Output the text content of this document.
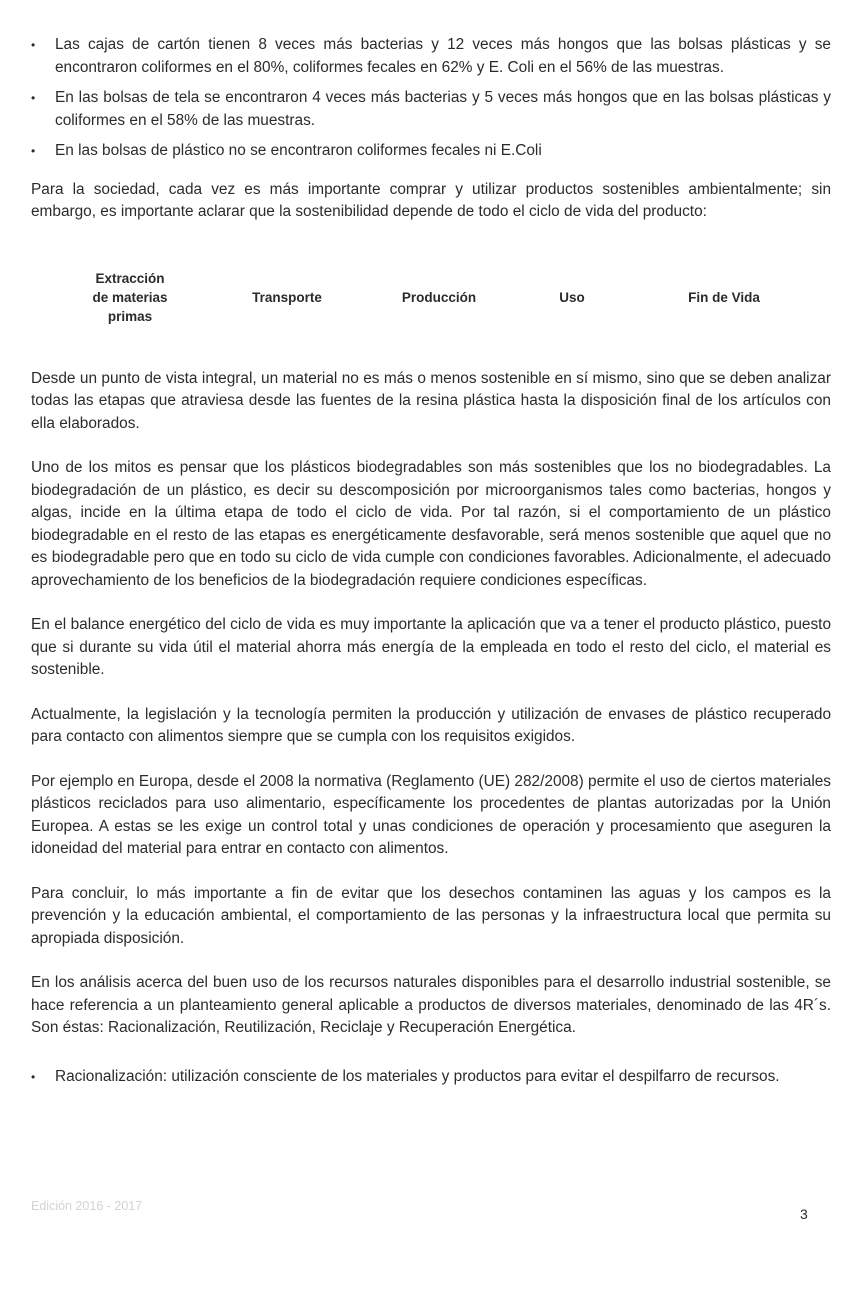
• Las cajas de cartón tienen 8 veces más bacterias y 12 veces más hongos que las bolsas plásticas y se encontraron coliformes en el 80%, coliformes fecales en 62% y E. Coli en el 56% de las muestras.
• En las bolsas de tela se encontraron 4 veces más bacterias y 5 veces más hongos que en las bolsas plásticas y coliformes en el 58% de las muestras.
• En las bolsas de plástico no se encontraron coliformes fecales ni E.Coli

Para la sociedad, cada vez es más importante comprar y utilizar productos sostenibles ambientalmente; sin embargo, es importante aclarar que la sostenibilidad depende de todo el ciclo de vida del producto:

Extracción de materias primas
Transporte	Producción	Uso	Fin de Vida

Desde un punto de vista integral, un material no es más o menos sostenible en sí mismo, sino que se deben analizar todas las etapas que atraviesa desde las fuentes de la resina plástica hasta la disposición final de los artículos con ella elaborados.

Uno de los mitos es pensar que los plásticos biodegradables son más sostenibles que los no biodegradables. La biodegradación de un plástico, es decir su descomposición por microorganismos tales como bacterias, hongos y algas, incide en la última etapa de todo el ciclo de vida. Por tal razón, si el comportamiento de un plástico biodegradable en el resto de las etapas es energéticamente desfavorable, será menos sostenible que aquel que no es biodegradable pero que en todo su ciclo de vida cumple con condiciones favorables. Adicionalmente, el adecuado aprovechamiento de los beneficios de la biodegradación requiere condiciones específicas.

En el balance energético del ciclo de vida es muy importante la aplicación que va a tener el producto plástico, puesto que si durante su vida útil el material ahorra más energía de la empleada en todo el resto del ciclo, el material es sostenible.

Actualmente, la legislación y la tecnología permiten la producción y utilización de envases de plástico recuperado para contacto con alimentos siempre que se cumpla con los requisitos exigidos.

Por ejemplo en Europa, desde el 2008 la normativa (Reglamento (UE) 282/2008) permite el uso de ciertos materiales plásticos reciclados para uso alimentario, específicamente los procedentes de plantas autorizadas por la Unión Europea. A estas se les exige un control total y unas condiciones de operación y procesamiento que aseguren la idoneidad del material para entrar en contacto con alimentos.

Para concluir, lo más importante a fin de evitar que los desechos contaminen las aguas y los campos es la prevención y la educación ambiental, el comportamiento de las personas y la infraestructura local que permita su apropiada disposición.

En los análisis acerca del buen uso de los recursos naturales disponibles para el desarrollo industrial sostenible, se hace referencia a un planteamiento general aplicable a productos de diversos materiales, denominado de las 4R´s. Son éstas: Racionalización, Reutilización, Reciclaje y Recuperación Energética.

• Racionalización: utilización consciente de los materiales y productos para evitar el despilfarro de recursos.
Edición 2016 - 2017	3
